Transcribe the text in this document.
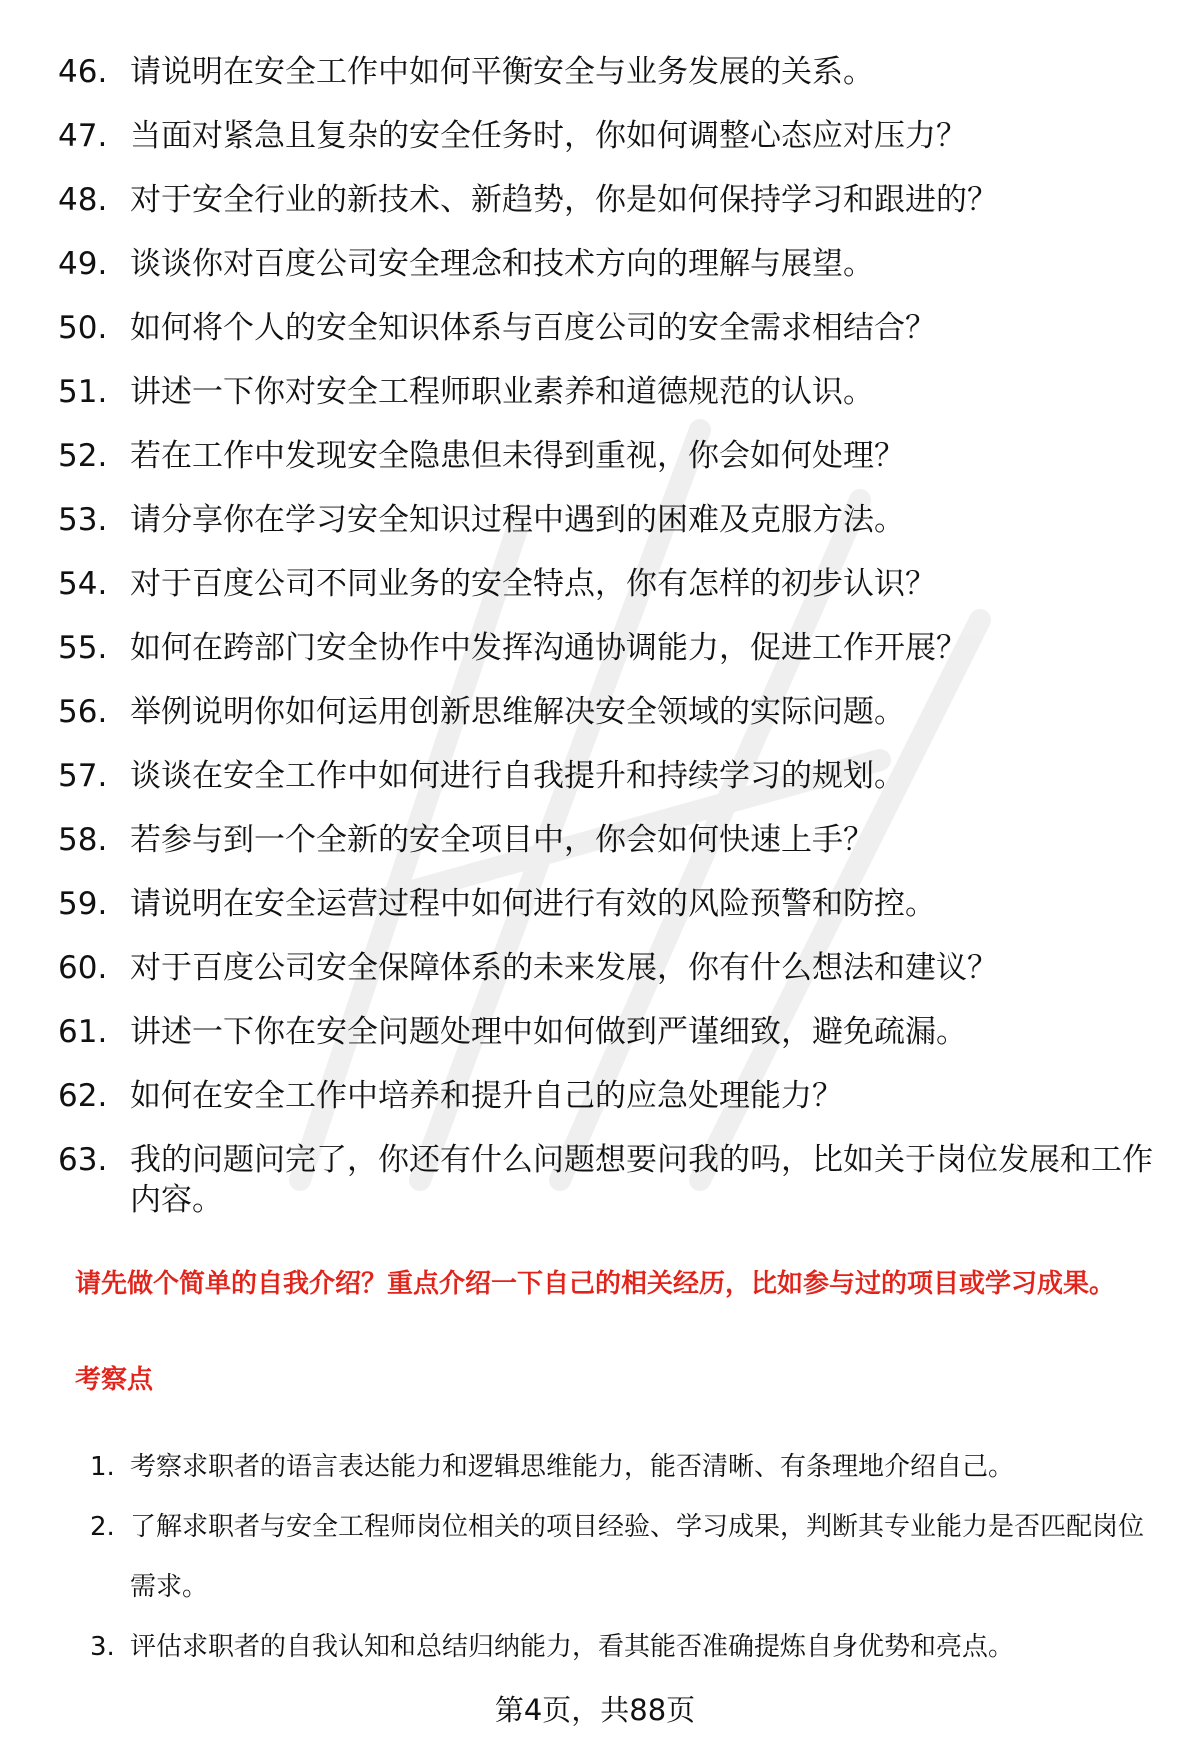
46. 请说明在安全工作中如何平衡安全与业务发展的关系。
47. 当面对紧急且复杂的安全任务时，你如何调整心态应对压力？
48. 对于安全行业的新技术、新趋势，你是如何保持学习和跟进的？
49. 谈谈你对百度公司安全理念和技术方向的理解与展望。
50. 如何将个人的安全知识体系与百度公司的安全需求相结合？
51. 讲述一下你对安全工程师职业素养和道德规范的认识。
52. 若在工作中发现安全隐患但未得到重视，你会如何处理？
53. 请分享你在学习安全知识过程中遇到的困难及克服方法。
54. 对于百度公司不同业务的安全特点，你有怎样的初步认识？
55. 如何在跨部门安全协作中发挥沟通协调能力，促进工作开展？
56. 举例说明你如何运用创新思维解决安全领域的实际问题。
57. 谈谈在安全工作中如何进行自我提升和持续学习的规划。
58. 若参与到一个全新的安全项目中，你会如何快速上手？
59. 请说明在安全运营过程中如何进行有效的风险预警和防控。
60. 对于百度公司安全保障体系的未来发展，你有什么想法和建议？
61. 讲述一下你在安全问题处理中如何做到严谨细致，避免疏漏。
62. 如何在安全工作中培养和提升自己的应急处理能力？
63. 我的问题问完了，你还有什么问题想要问我的吗，比如关于岗位发展和工作内容。

请先做个简单的自我介绍？重点介绍一下自己的相关经历，比如参与过的项目或学习成果。

考察点

1. 考察求职者的语言表达能力和逻辑思维能力，能否清晰、有条理地介绍自己。
2. 了解求职者与安全工程师岗位相关的项目经验、学习成果，判断其专业能力是否匹配岗位需求。
3. 评估求职者的自我认知和总结归纳能力，看其能否准确提炼自身优势和亮点。
第4页，共88页
